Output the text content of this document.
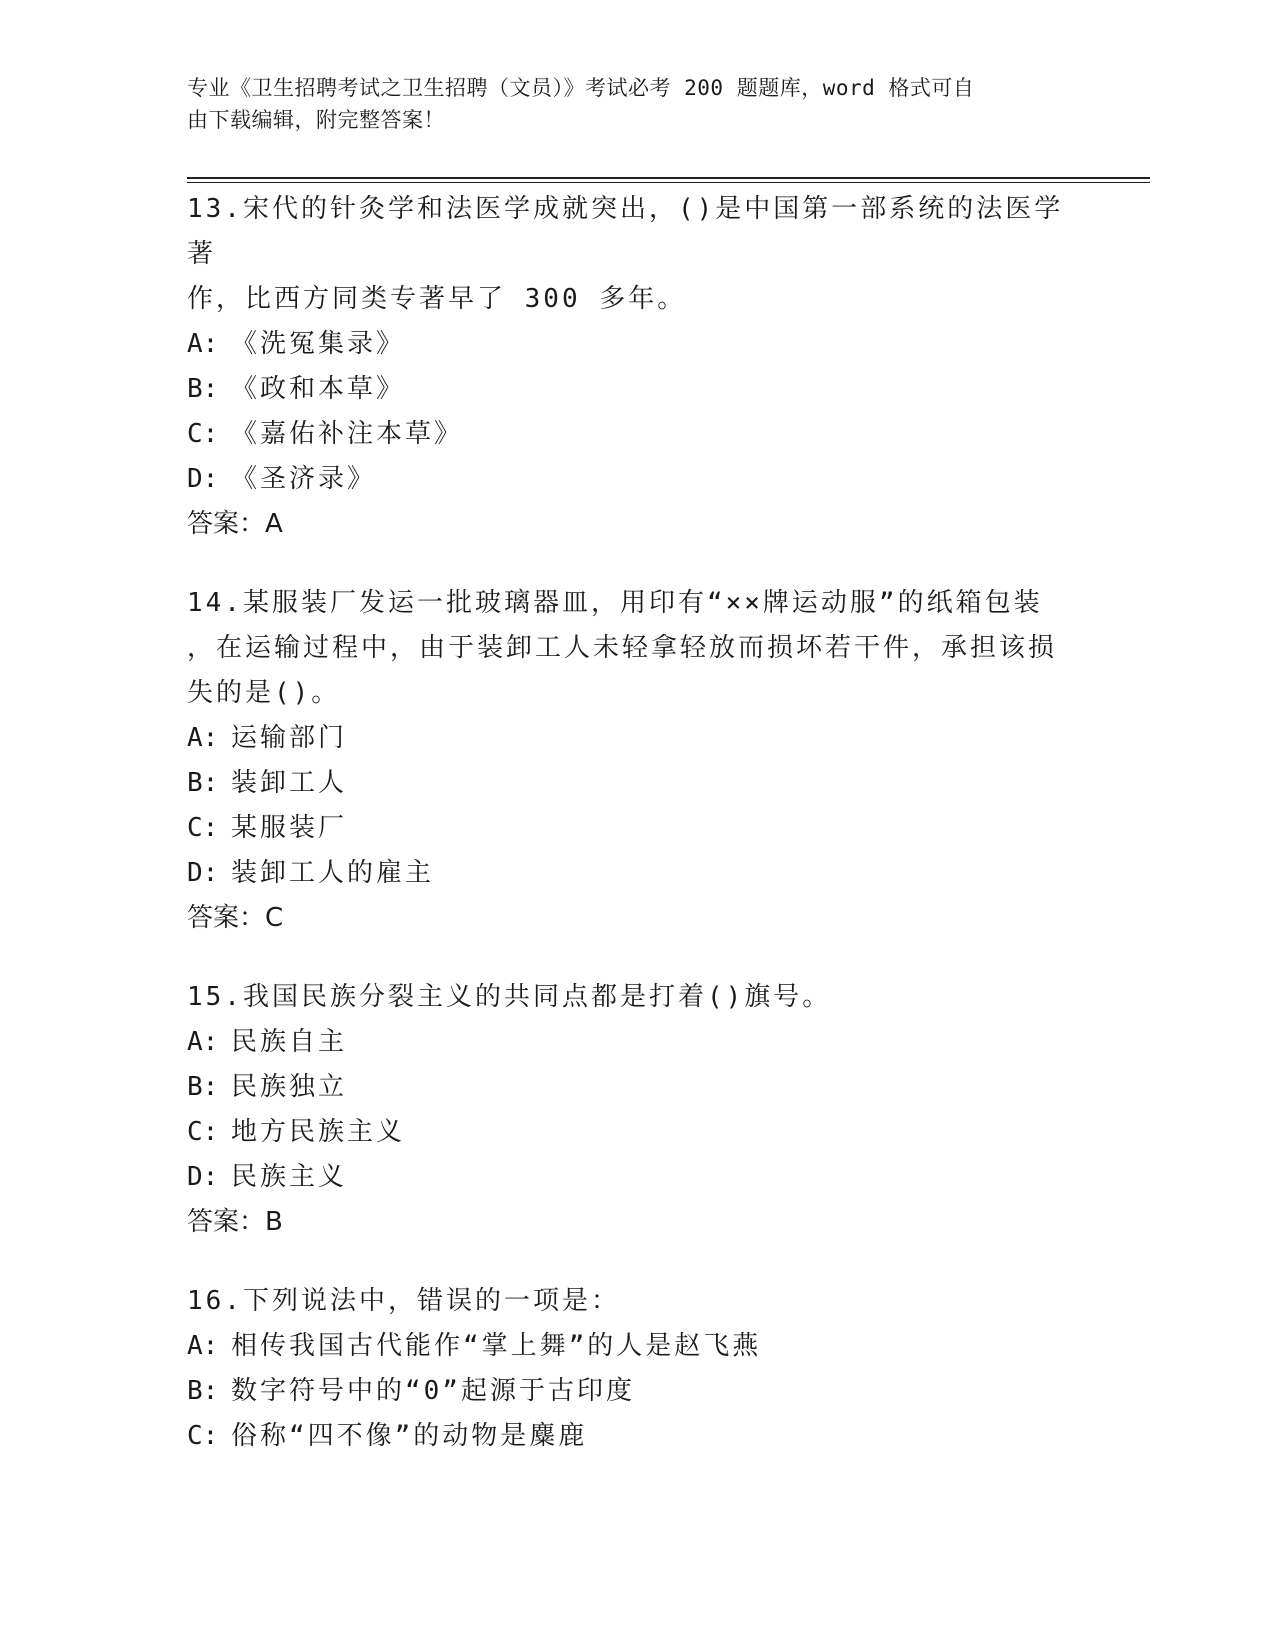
专业《卫生招聘考试之卫生招聘（文员）》考试必考 200 题题库，word 格式可自
由下载编辑，附完整答案！

13.宋代的针灸学和法医学成就突出，()是中国第一部系统的法医学著

作，比西方同类专著早了 300 多年。

A: 《洗冤集录》

B: 《政和本草》

C: 《嘉佑补注本草》

D: 《圣济录》

答案：A

14.某服装厂发运一批玻璃器皿，用印有“××牌运动服”的纸箱包装

，在运输过程中，由于装卸工人未轻拿轻放而损坏若干件，承担该损

失的是()。

A: 运输部门

B: 装卸工人

C: 某服装厂

D: 装卸工人的雇主

答案：C

15.我国民族分裂主义的共同点都是打着()旗号。

A: 民族自主

B: 民族独立

C: 地方民族主义

D: 民族主义

答案：B

16.下列说法中，错误的一项是：

A: 相传我国古代能作“掌上舞”的人是赵飞燕

B: 数字符号中的“0”起源于古印度

C: 俗称“四不像”的动物是麋鹿
